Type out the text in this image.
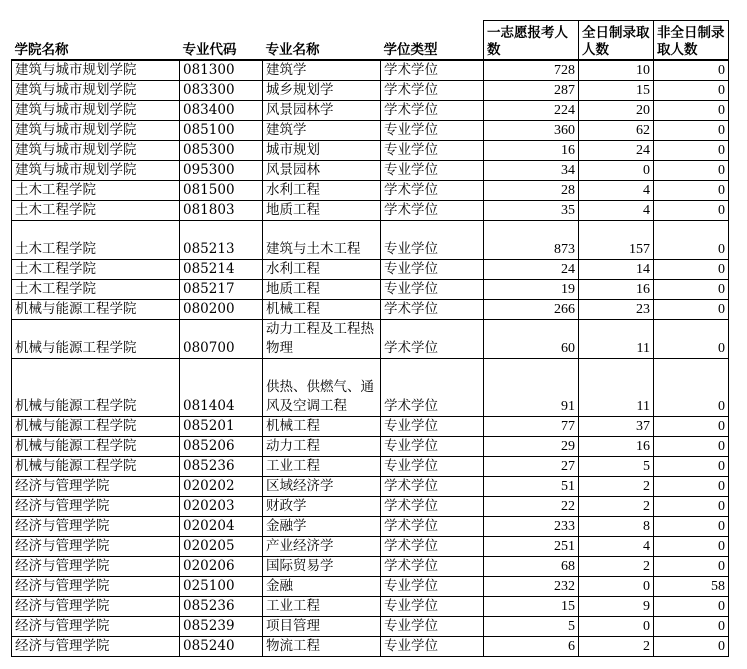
学院名称	专业代码	专业名称	学位类型	一志愿报考人数	全日制录取人数	非全日制录取人数
建筑与城市规划学院	081300	建筑学	学术学位	728	10	0
建筑与城市规划学院	083300	城乡规划学	学术学位	287	15	0
建筑与城市规划学院	083400	风景园林学	学术学位	224	20	0
建筑与城市规划学院	085100	建筑学	专业学位	360	62	0
建筑与城市规划学院	085300	城市规划	专业学位	16	24	0
建筑与城市规划学院	095300	风景园林	专业学位	34	0	0
土木工程学院	081500	水利工程	学术学位	28	4	0
土木工程学院	081803	地质工程	学术学位	35	4	0
土木工程学院	085213	建筑与土木工程	专业学位	873	157	0
土木工程学院	085214	水利工程	专业学位	24	14	0
土木工程学院	085217	地质工程	专业学位	19	16	0
机械与能源工程学院	080200	机械工程	学术学位	266	23	0
机械与能源工程学院	080700	动力工程及工程热物理	学术学位	60	11	0
机械与能源工程学院	081404	供热、供燃气、通风及空调工程	学术学位	91	11	0
机械与能源工程学院	085201	机械工程	专业学位	77	37	0
机械与能源工程学院	085206	动力工程	专业学位	29	16	0
机械与能源工程学院	085236	工业工程	专业学位	27	5	0
经济与管理学院	020202	区域经济学	学术学位	51	2	0
经济与管理学院	020203	财政学	学术学位	22	2	0
经济与管理学院	020204	金融学	学术学位	233	8	0
经济与管理学院	020205	产业经济学	学术学位	251	4	0
经济与管理学院	020206	国际贸易学	学术学位	68	2	0
经济与管理学院	025100	金融	专业学位	232	0	58
经济与管理学院	085236	工业工程	专业学位	15	9	0
经济与管理学院	085239	项目管理	专业学位	5	0	0
经济与管理学院	085240	物流工程	专业学位	6	2	0
